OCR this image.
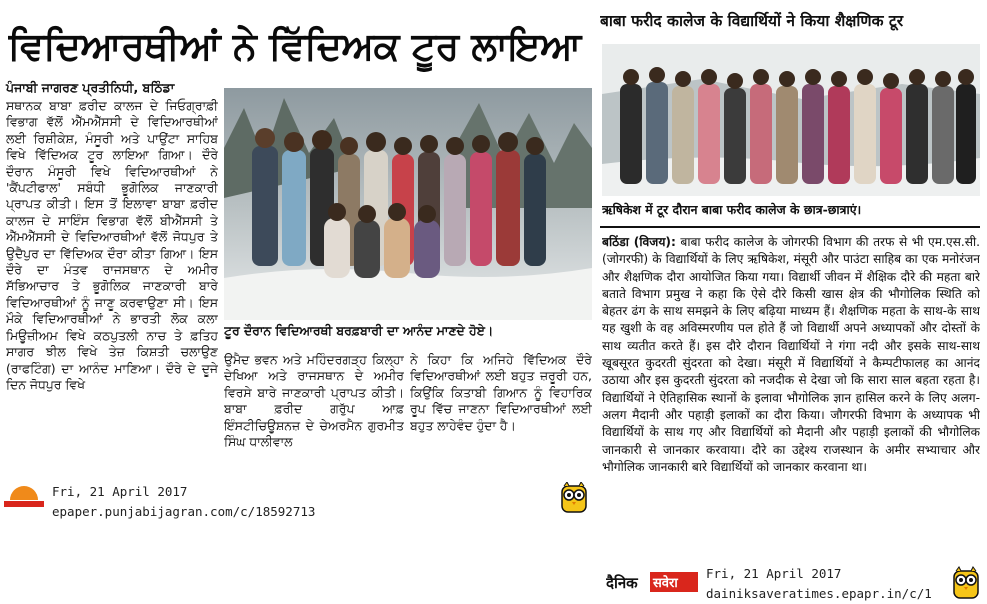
ਵਿਦਿਆਰਥੀਆਂ ਨੇ ਵਿੱਦਿਅਕ ਟੂਰ ਲਾਇਆ
ਪੰਜਾਬੀ ਜਾਗਰਣ ਪ੍ਰਤੀਨਿਧੀ, ਬਠਿੰਡਾ
ਸਥਾਨਕ ਬਾਬਾ ਫ਼ਰੀਦ ਕਾਲਜ ਦੇ ਜਿਓਗ੍ਰਾਫ਼ੀ ਵਿਭਾਗ ਵੱਲੋਂ ਐੱਮਐੱਸਸੀ ਦੇ ਵਿਦਿਆਰਥੀਆਂ ਲਈ ਰਿਸ਼ੀਕੇਸ਼, ਮੰਸੂਰੀ ਅਤੇ ਪਾਉਂਟਾ ਸਾਹਿਬ ਵਿਖੇ ਵਿੱਦਿਅਕ ਟੂਰ ਲਾਇਆ ਗਿਆ। ਦੌਰੇ ਦੌਰਾਨ ਮੰਸੂਰੀ ਵਿਖੇ ਵਿਦਿਆਰਥੀਆਂ ਨੇ 'ਕੈਂਪਟੀਫਾਲ' ਸਬੰਧੀ ਭੂਗੋਲਿਕ ਜਾਣਕਾਰੀ ਪ੍ਰਾਪਤ ਕੀਤੀ। ਇਸ ਤੋਂ ਇਲਾਵਾ ਬਾਬਾ ਫ਼ਰੀਦ ਕਾਲਜ ਦੇ ਸਾਇੰਸ ਵਿਭਾਗ ਵੱਲੋਂ ਬੀਐੱਸਸੀ ਤੇ ਐੱਮਐੱਸਸੀ ਦੇ ਵਿਦਿਆਰਥੀਆਂ ਵੱਲੋਂ ਜੋਧਪੁਰ ਤੇ ਉਦੈਪੁਰ ਦਾ ਵਿੱਦਿਅਕ ਦੌਰਾ ਕੀਤਾ ਗਿਆ। ਇਸ ਦੌਰੇ ਦਾ ਮੰਤਵ ਰਾਜਸਥਾਨ ਦੇ ਅਮੀਰ ਸੱਭਿਆਚਾਰ ਤੇ ਭੂਗੋਲਿਕ ਜਾਣਕਾਰੀ ਬਾਰੇ ਵਿਦਿਆਰਥੀਆਂ ਨੂੰ ਜਾਣੂ ਕਰਵਾਉਣਾ ਸੀ। ਇਸ ਮੌਕੇ ਵਿਦਿਆਰਥੀਆਂ ਨੇ ਭਾਰਤੀ ਲੋਕ ਕਲਾ ਮਿਊਜ਼ੀਅਮ ਵਿਖੇ ਕਠਪੁਤਲੀ ਨਾਚ ਤੇ ਫ਼ਤਿਹ ਸਾਗਰ ਝੀਲ ਵਿਖੇ ਤੇਜ਼ ਕਿਸ਼ਤੀ ਚਲਾਉਣ (ਰਾਫਟਿੰਗ) ਦਾ ਆਨੰਦ ਮਾਣਿਆ। ਦੌਰੇ ਦੇ ਦੂਜੇ ਦਿਨ ਜੋਧਪੁਰ ਵਿਖੇ
ਟੂਰ ਦੌਰਾਨ ਵਿਦਿਆਰਥੀ ਬਰਫ਼ਬਾਰੀ ਦਾ ਆਨੰਦ ਮਾਣਦੇ ਹੋਏ।
ਉਮੈਦ ਭਵਨ ਅਤੇ ਮਹਿੰਦਰਗੜ੍ਹ ਕਿਲ੍ਹਾ ਦੇਖਿਆ ਅਤੇ ਰਾਜਸਥਾਨ ਦੇ ਅਮੀਰ ਵਿਰਸੇ ਬਾਰੇ ਜਾਣਕਾਰੀ ਪ੍ਰਾਪਤ ਕੀਤੀ। ਬਾਬਾ ਫ਼ਰੀਦ ਗਰੁੱਪ ਆਫ਼ ਇੰਸਟੀਚਿਊਸ਼ਨਜ਼ ਦੇ ਚੇਅਰਮੈਨ ਗੁਰਮੀਤ ਸਿੰਘ ਧਾਲੀਵਾਲ
ਨੇ ਕਿਹਾ ਕਿ ਅਜਿਹੇ ਵਿੱਦਿਅਕ ਦੌਰੇ ਵਿਦਿਆਰਥੀਆਂ ਲਈ ਬਹੁਤ ਜ਼ਰੂਰੀ ਹਨ, ਕਿਉਂਕਿ ਕਿਤਾਬੀ ਗਿਆਨ ਨੂੰ ਵਿਹਾਰਿਕ ਰੂਪ ਵਿੱਚ ਜਾਣਨਾ ਵਿਦਿਆਰਥੀਆਂ ਲਈ ਬਹੁਤ ਲਾਹੇਵੰਦ ਹੁੰਦਾ ਹੈ।
Fri, 21 April 2017
epaper.punjabijagran.com/c/18592713
बाबा फरीद कालेज के विद्यार्थियों ने किया शैक्षणिक टूर
ऋषिकेश में टूर दौरान बाबा फरीद कालेज के छात्र-छात्राएं।
बठिंडा (विजय): बाबा फरीद कालेज के जोगरफी विभाग की तरफ से भी एम.एस.सी. (जोगरफी) के विद्यार्थियों के लिए ऋषिकेश, मंसूरी और पाउंटा साहिब का एक मनोरंजन और शैक्षणिक दौरा आयोजित किया गया। विद्यार्थी जीवन में शैक्षिक दौरे की महता बारे बताते विभाग प्रमुख ने कहा कि ऐसे दौरे किसी खास क्षेत्र की भौगोलिक स्थिति को बेहतर ढंग के साथ समझने के लिए बढ़िया माध्यम हैं। शैक्षणिक महता के साथ-के साथ यह खुशी के वह अविस्मरणीय पल होते हैं जो विद्यार्थी अपने अध्यापकों और दोस्तों के साथ व्यतीत करते हैं। इस दौरे दौरान विद्यार्थियों ने गंगा नदी और इसके साथ-साथ खूबसूरत कुदरती सुंदरता को देखा। मंसूरी में विद्यार्थियों ने कैम्पटीफालह का आनंद उठाया और इस कुदरती सुंदरता को नजदीक से देखा जो कि सारा साल बहता रहता है। विद्यार्थियों ने ऐतिहासिक स्थानों के इलावा भौगोलिक ज्ञान हासिल करने के लिए अलग-अलग मैदानी और पहाड़ी इलाकों का दौरा किया। जौगरफी विभाग के अध्यापक भी विद्यार्थियों के साथ गए और विद्यार्थियों को मैदानी और पहाड़ी इलाकों की भौगोलिक जानकारी से जानकार करवाया। दौरे का उद्देश्य राजस्थान के अमीर सभ्याचार और भौगोलिक जानकारी बारे विद्यार्थियों को जानकार करवाना था।
दैनिक सवेरा
Fri, 21 April 2017
dainiksaveratimes.epapr.in/c/1
